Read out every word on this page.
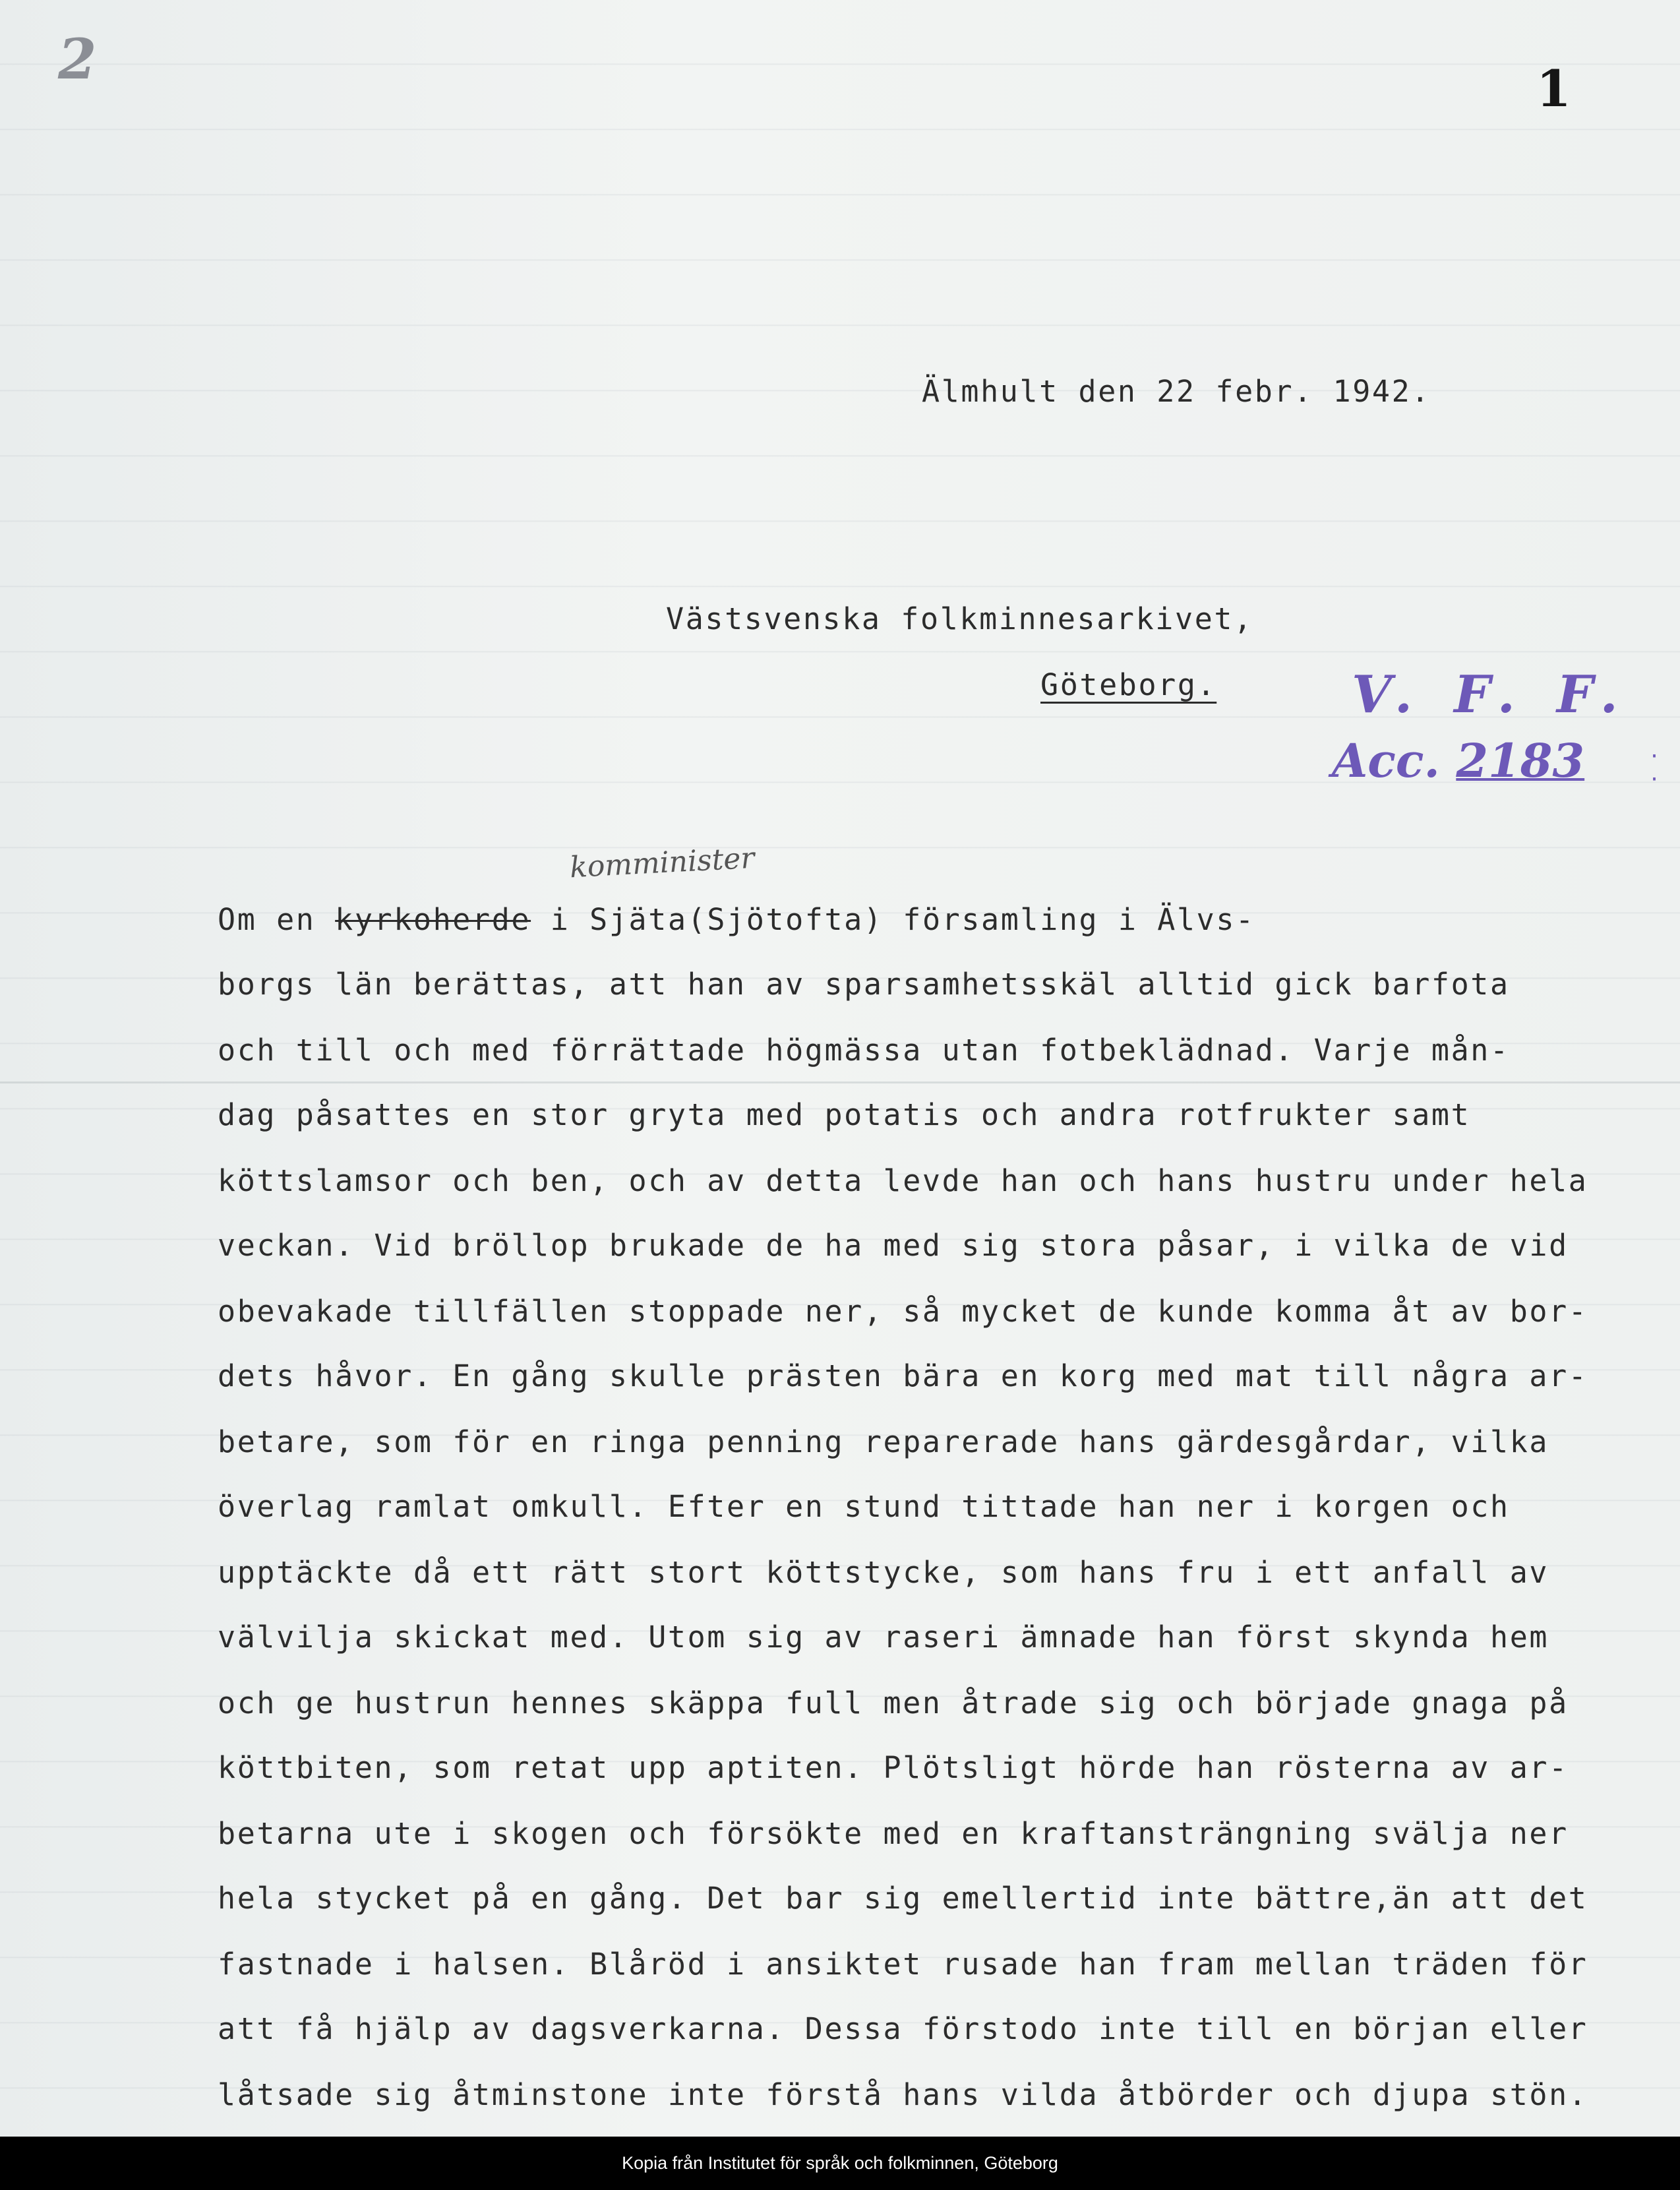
2	1
Älmhult den 22 febr. 1942.
Västsvenska folkminnesarkivet,
Göteborg.	V. F. F.
Acc. 2183	· ·
komminister
Om en kyrkoherde i Sjäta(Sjötofta) församling i Älvs-
borgs län berättas, att han av sparsamhetsskäl alltid gick barfota
och till och med förrättade högmässa utan fotbeklädnad. Varje mån-
dag påsattes en stor gryta med potatis och andra rotfrukter samt
köttslamsor och ben, och av detta levde han och hans hustru under hela
veckan. Vid bröllop brukade de ha med sig stora påsar, i vilka de vid
obevakade tillfällen stoppade ner, så mycket de kunde komma åt av bor-
dets håvor. En gång skulle prästen bära en korg med mat till några ar-
betare, som för en ringa penning reparerade hans gärdesgårdar, vilka
överlag ramlat omkull. Efter en stund tittade han ner i korgen och
upptäckte då ett rätt stort köttstycke, som hans fru i ett anfall av
välvilja skickat med. Utom sig av raseri ämnade han först skynda hem
och ge hustrun hennes skäppa full men åtrade sig och började gnaga på
köttbiten, som retat upp aptiten. Plötsligt hörde han rösterna av ar-
betarna ute i skogen och försökte med en kraftansträngning svälja ner
hela stycket på en gång. Det bar sig emellertid inte bättre,än att det
fastnade i halsen. Blåröd i ansiktet rusade han fram mellan träden för
att få hjälp av dagsverkarna. Dessa förstodo inte till en början eller
låtsade sig åtminstone inte förstå hans vilda åtbörder och djupa stön.
Kopia från Institutet för språk och folkminnen, Göteborg
